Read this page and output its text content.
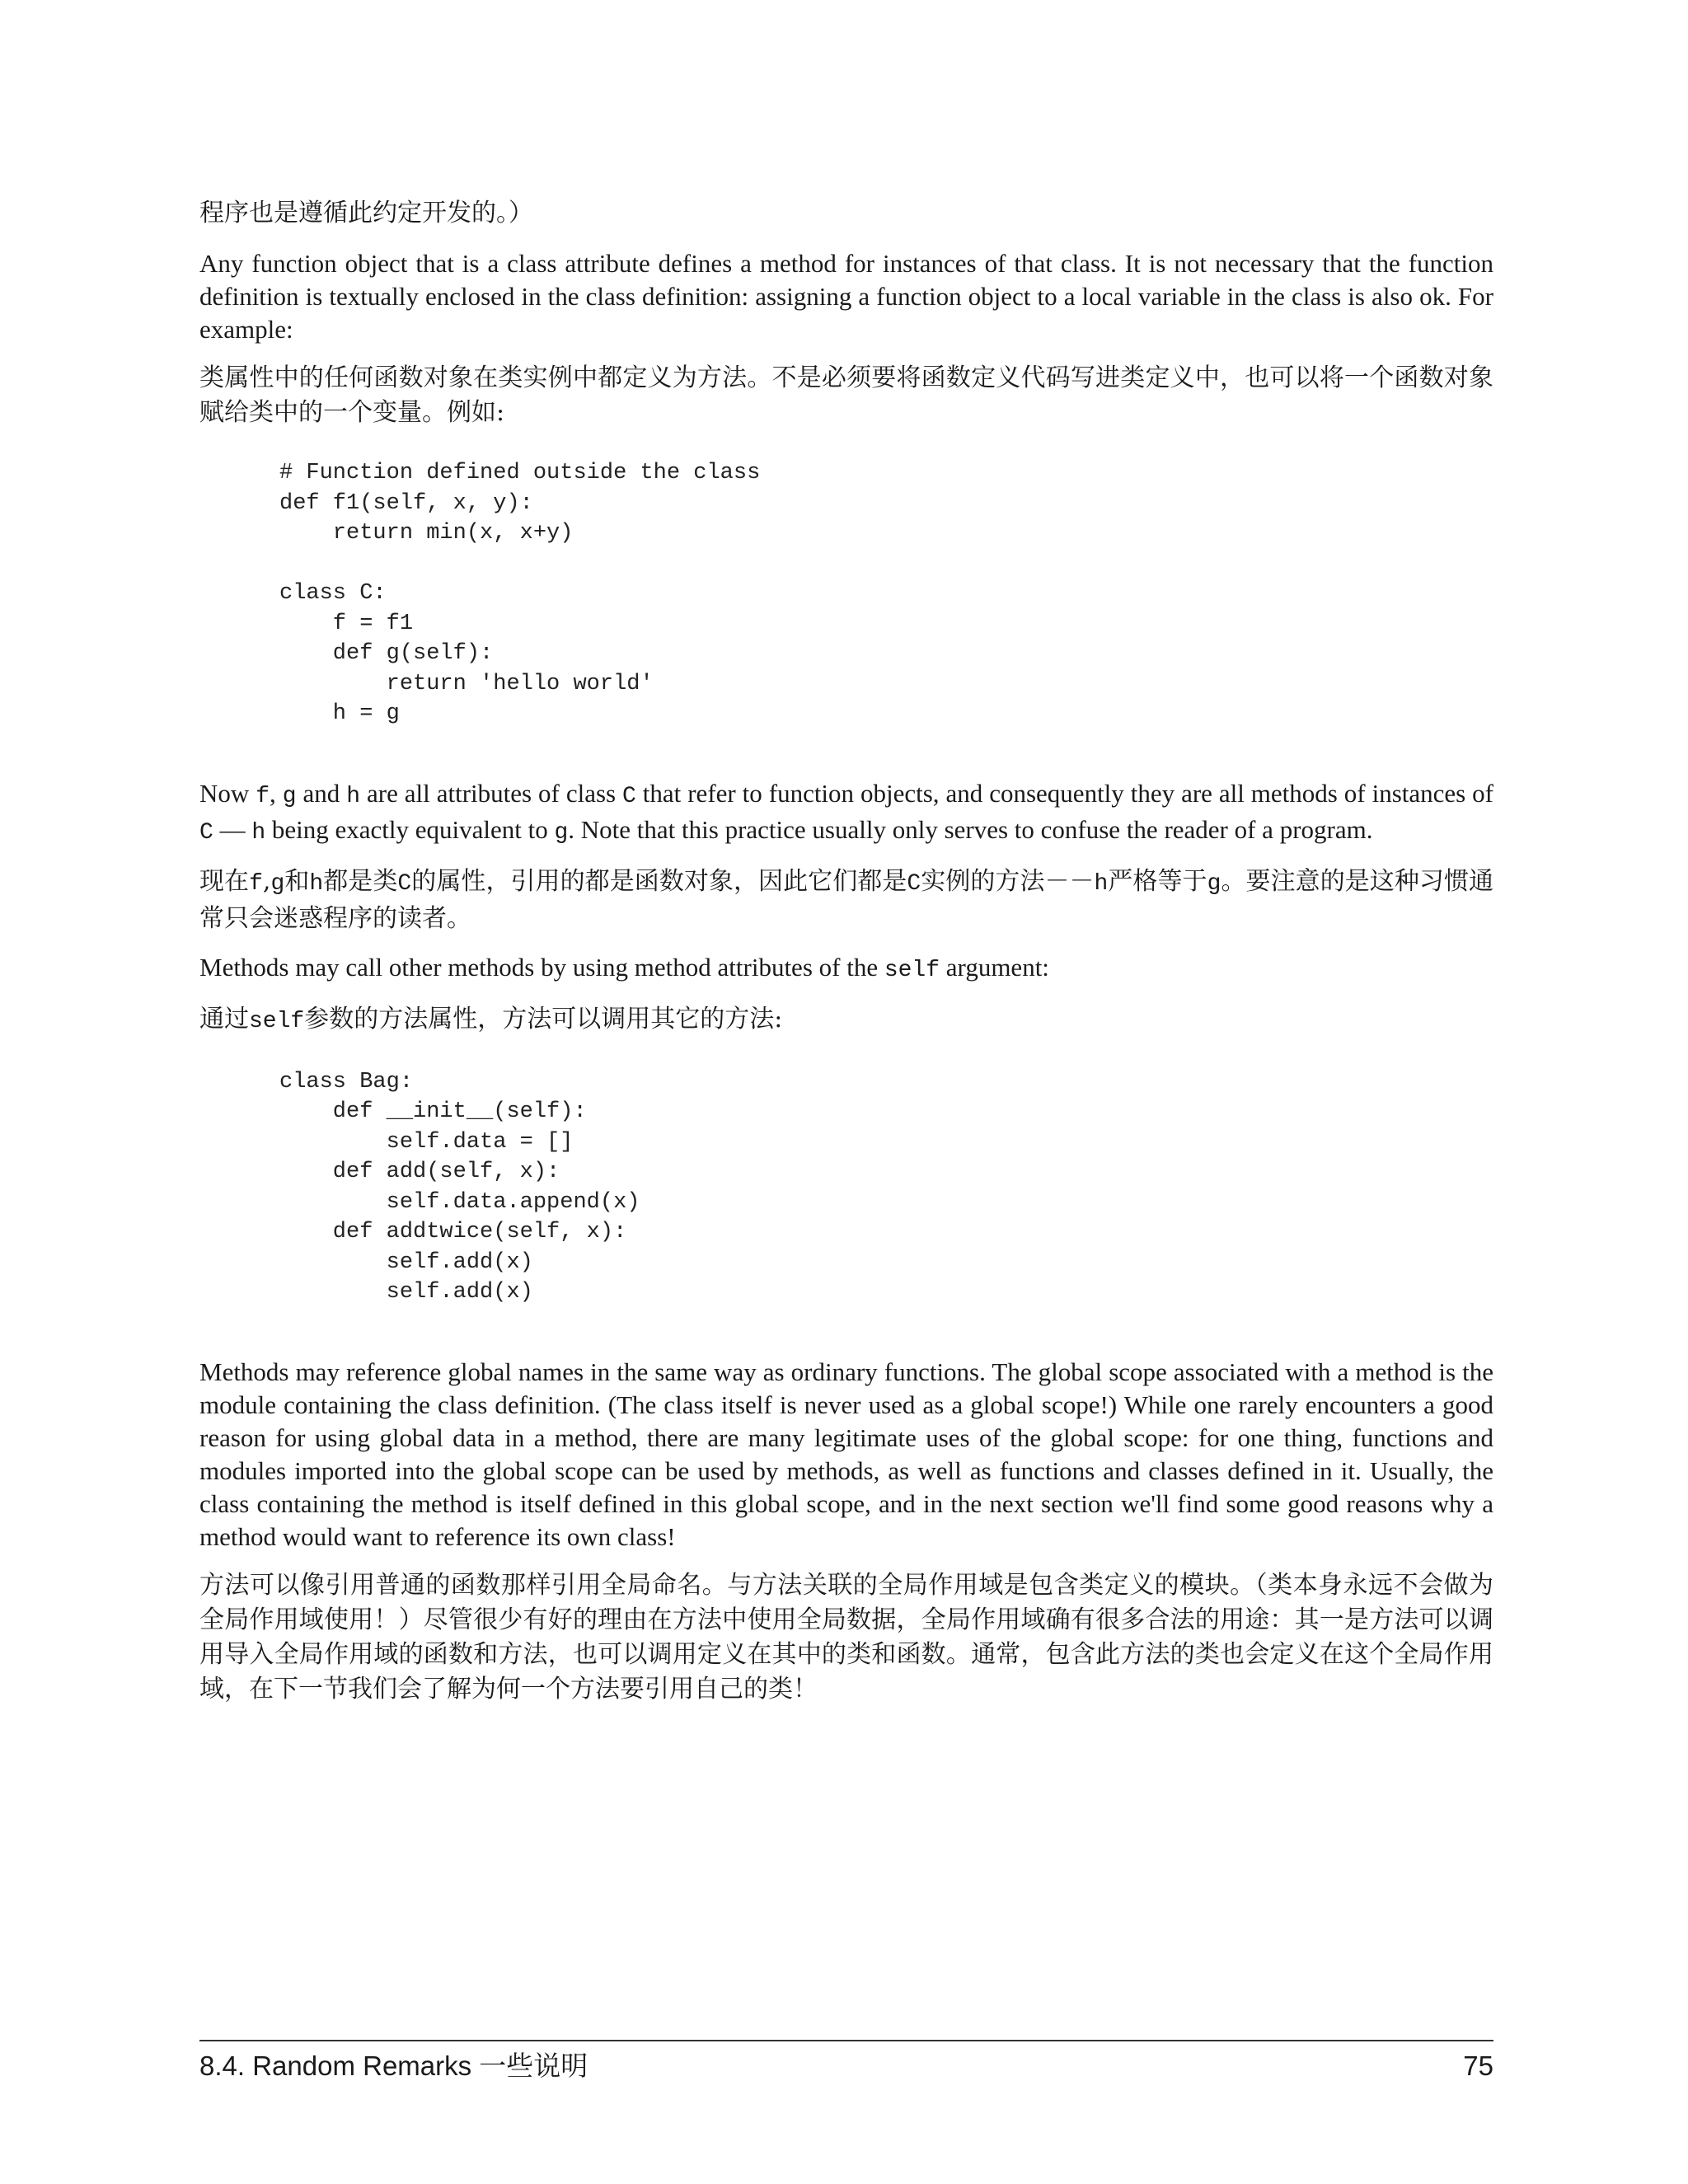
程序也是遵循此约定开发的。）

Any function object that is a class attribute defines a method for instances of that class. It is not necessary that the function definition is textually enclosed in the class definition: assigning a function object to a local variable in the class is also ok. For example:

类属性中的任何函数对象在类实例中都定义为方法。不是必须要将函数定义代码写进类定义中，也可以将一个函数对象赋给类中的一个变量。例如:

# Function defined outside the class
def f1(self, x, y):
return min(x, x+y)

class C:
f = f1
def g(self):
return 'hello world'
h = g

Now f, g and h are all attributes of class C that refer to function objects, and consequently they are all methods of instances of C — h being exactly equivalent to g. Note that this practice usually only serves to confuse the reader of a program.

现在f,g和h都是类C的属性，引用的都是函数对象，因此它们都是C实例的方法－－h严格等于g。要注意的是这种习惯通常只会迷惑程序的读者。

Methods may call other methods by using method attributes of the self argument:

通过self参数的方法属性，方法可以调用其它的方法:

class Bag:
def __init__(self):
self.data = []
def add(self, x):
self.data.append(x)
def addtwice(self, x):
self.add(x)
self.add(x)

Methods may reference global names in the same way as ordinary functions. The global scope associated with a method is the module containing the class definition. (The class itself is never used as a global scope!) While one rarely encounters a good reason for using global data in a method, there are many legitimate uses of the global scope: for one thing, functions and modules imported into the global scope can be used by methods, as well as functions and classes defined in it. Usually, the class containing the method is itself defined in this global scope, and in the next section we'll find some good reasons why a method would want to reference its own class!

方法可以像引用普通的函数那样引用全局命名。与方法关联的全局作用域是包含类定义的模块。（类本身永远不会做为全局作用域使用！）尽管很少有好的理由在方法中使用全局数据，全局作用域确有很多合法的用途：其一是方法可以调用导入全局作用域的函数和方法，也可以调用定义在其中的类和函数。通常，包含此方法的类也会定义在这个全局作用域，在下一节我们会了解为何一个方法要引用自己的类！

8.4. Random Remarks 一些说明	75
